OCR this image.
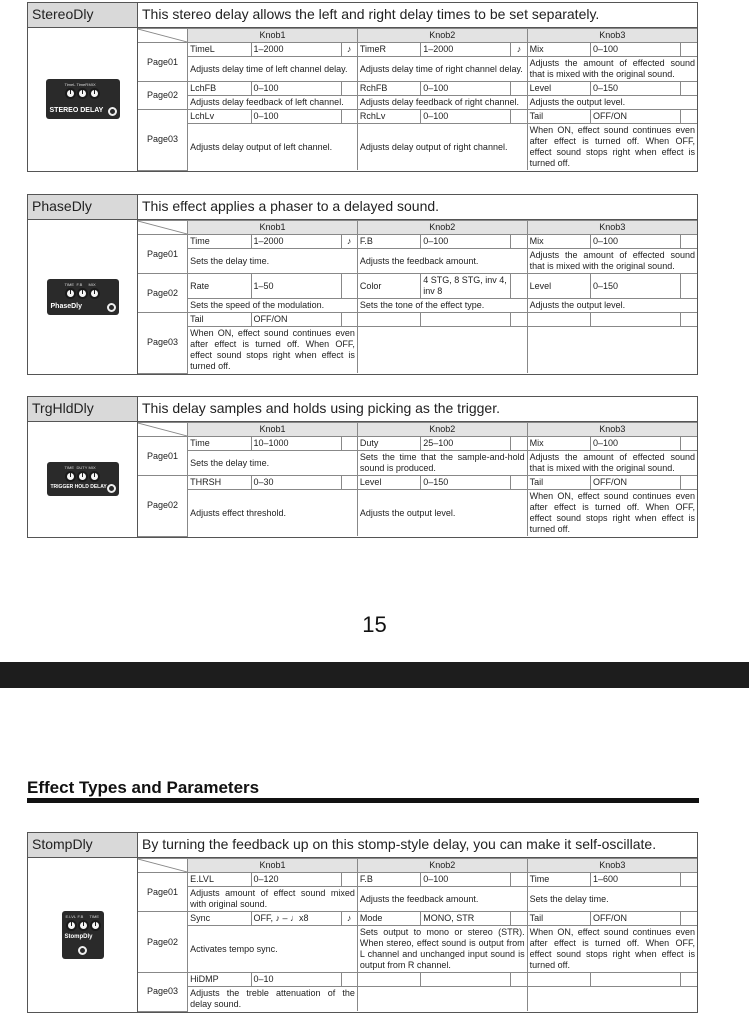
15
Effect Types and Parameters
StereoDly	This stereo delay allows the left and right delay times to be set separately.
TimeL TimeR MIX
STEREO DELAY
	Knob1			Knob2			Knob3		
Page01	TimeL	1–2000	♪	TimeR	1–2000	♪	Mix	0–100	
	Adjusts delay time of left channel delay.			Adjusts delay time of right channel delay.			Adjusts the amount of effected sound that is mixed with the original sound.		
Page02	LchFB	0–100		RchFB	0–100		Level	0–150	
	Adjusts delay feedback of left channel.			Adjusts delay feedback of right channel.			Adjusts the output level.		
Page03	LchLv	0–100		RchLv	0–100		Tail	OFF/ON	
	Adjusts delay output of left channel.			Adjusts delay output of right channel.			When ON, effect sound continues even after effect is turned off. When OFF, effect sound stops right when effect is turned off.		
PhaseDly	This effect applies a phaser to a delayed sound.
TIME F.B MIX
PhaseDly
	Knob1			Knob2			Knob3		
Page01	Time	1–2000	♪	F.B	0–100		Mix	0–100	
	Sets the delay time.			Adjusts the feedback amount.			Adjusts the amount of effected sound that is mixed with the original sound.		
Page02	Rate	1–50		Color	4 STG, 8 STG, inv 4, inv 8		Level	0–150	
	Sets the speed of the modulation.			Sets the tone of the effect type.			Adjusts the output level.		
Page03	Tail	OFF/ON							
	When ON, effect sound continues even after effect is turned off. When OFF, effect sound stops right when effect is turned off.								
TrgHldDly	This delay samples and holds using picking as the trigger.
TIME DUTY MIX
TRIGGER HOLD DELAY
	Knob1			Knob2			Knob3		
Page01	Time	10–1000		Duty	25–100		Mix	0–100	
	Sets the delay time.			Sets the time that the sample-and-hold sound is produced.			Adjusts the amount of effected sound that is mixed with the original sound.		
Page02	THRSH	0–30		Level	0–150		Tail	OFF/ON	
	Adjusts effect threshold.			Adjusts the output level.			When ON, effect sound continues even after effect is turned off. When OFF, effect sound stops right when effect is turned off.		
StompDly	By turning the feedback up on this stomp-style delay, you can make it self-oscillate.
E.LVL F.B TIME
StompDly
	Knob1			Knob2			Knob3		
Page01	E.LVL	0–120		F.B	0–100		Time	1–600	
	Adjusts amount of effect sound mixed with original sound.			Adjusts the feedback amount.			Sets the delay time.		
Page02	Sync	OFF, ♪ – ♩x8	♪	Mode	MONO, STR		Tail	OFF/ON	
	Activates tempo sync.			Sets output to mono or stereo (STR). When stereo, effect sound is output from L channel and unchanged input sound is output from R channel.			When ON, effect sound continues even after effect is turned off. When OFF, effect sound stops right when effect is turned off.		
Page03	HiDMP	0–10							
	Adjusts the treble attenuation of the delay sound.								
